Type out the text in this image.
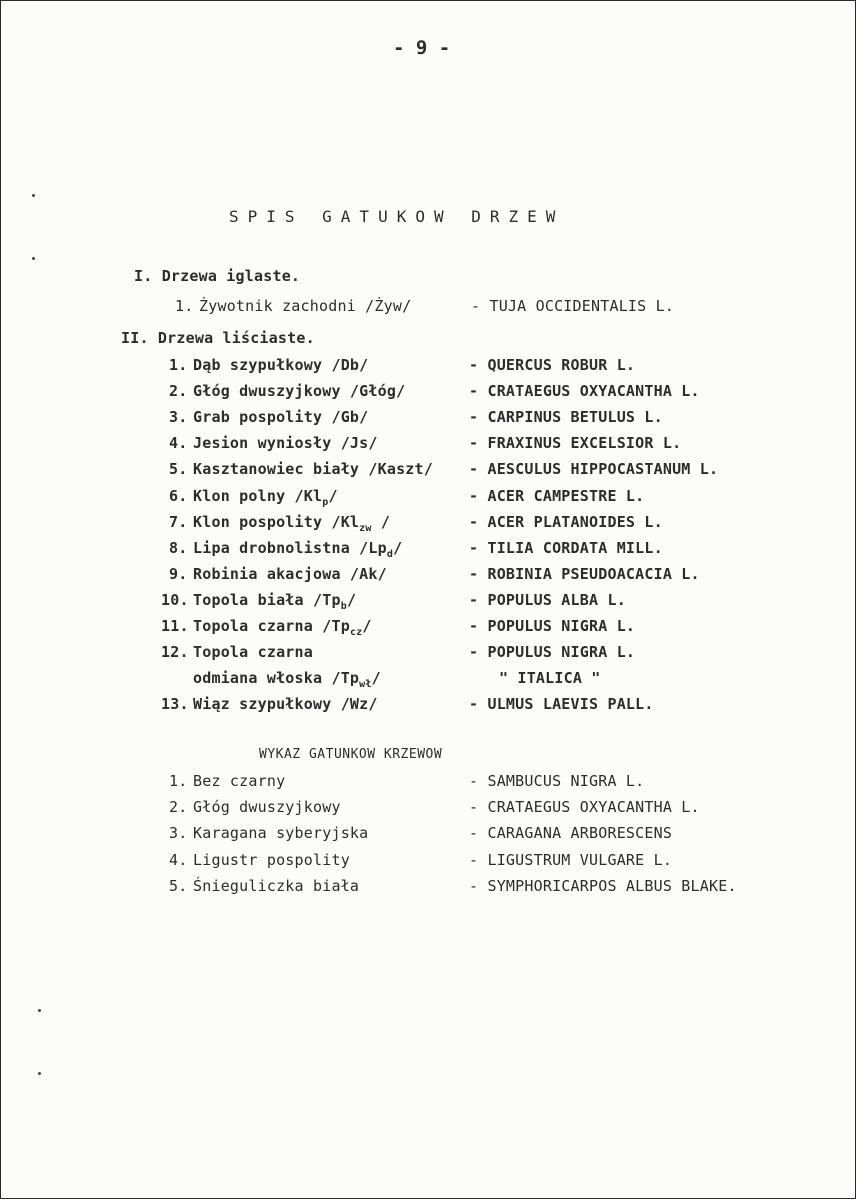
- 9 -
SPIS GATUKOW DRZEW
I. Drzewa iglaste.
1. Żywotnik zachodni /Żyw/	- TUJA OCCIDENTALIS L.
II. Drzewa liściaste.
1. Dąb szypułkowy /Db/	- QUERCUS ROBUR L.
2. Głóg dwuszyjkowy /Głóg/	- CRATAEGUS OXYACANTHA L.
3. Grab pospolity /Gb/	- CARPINUS BETULUS L.
4. Jesion wyniosły /Js/	- FRAXINUS EXCELSIOR L.
5. Kasztanowiec biały /Kaszt/ - AESCULUS HIPPOCASTANUM L.
6. Klon polny $/Kl_p/$	- ACER CAMPESTRE L.
7. Klon pospolity $/Kl_{zw}$ /	- ACER PLATANOIDES L.
8. Lipa drobnolistna $/Lp_d/$	- TILIA CORDATA MILL.
9. Robinia akacjowa /Ak/	- ROBINIA PSEUDOACACIA L.
10. Topola biała $/Tp_b/$	- POPULUS ALBA L.
11. Topola czarna $/Tp_{cz}/$	- POPULUS NIGRA L.
12. Topola czarna	- POPULUS NIGRA L.
odmiana włoska $/Tp_{wł}/$	" ITALICA "
13. Wiąz szypułkowy /Wz/	- ULMUS LAEVIS PALL.
WYKAZ GATUNKOW KRZEWOW
1. Bez czarny	- SAMBUCUS NIGRA L.
2. Głóg dwuszyjkowy	- CRATAEGUS OXYACANTHA L.
3. Karagana syberyjska	- CARAGANA ARBORESCENS
4. Ligustr pospolity	- LIGUSTRUM VULGARE L.
5. Śnieguliczka biała	- SYMPHORICARPOS ALBUS BLAKE.
